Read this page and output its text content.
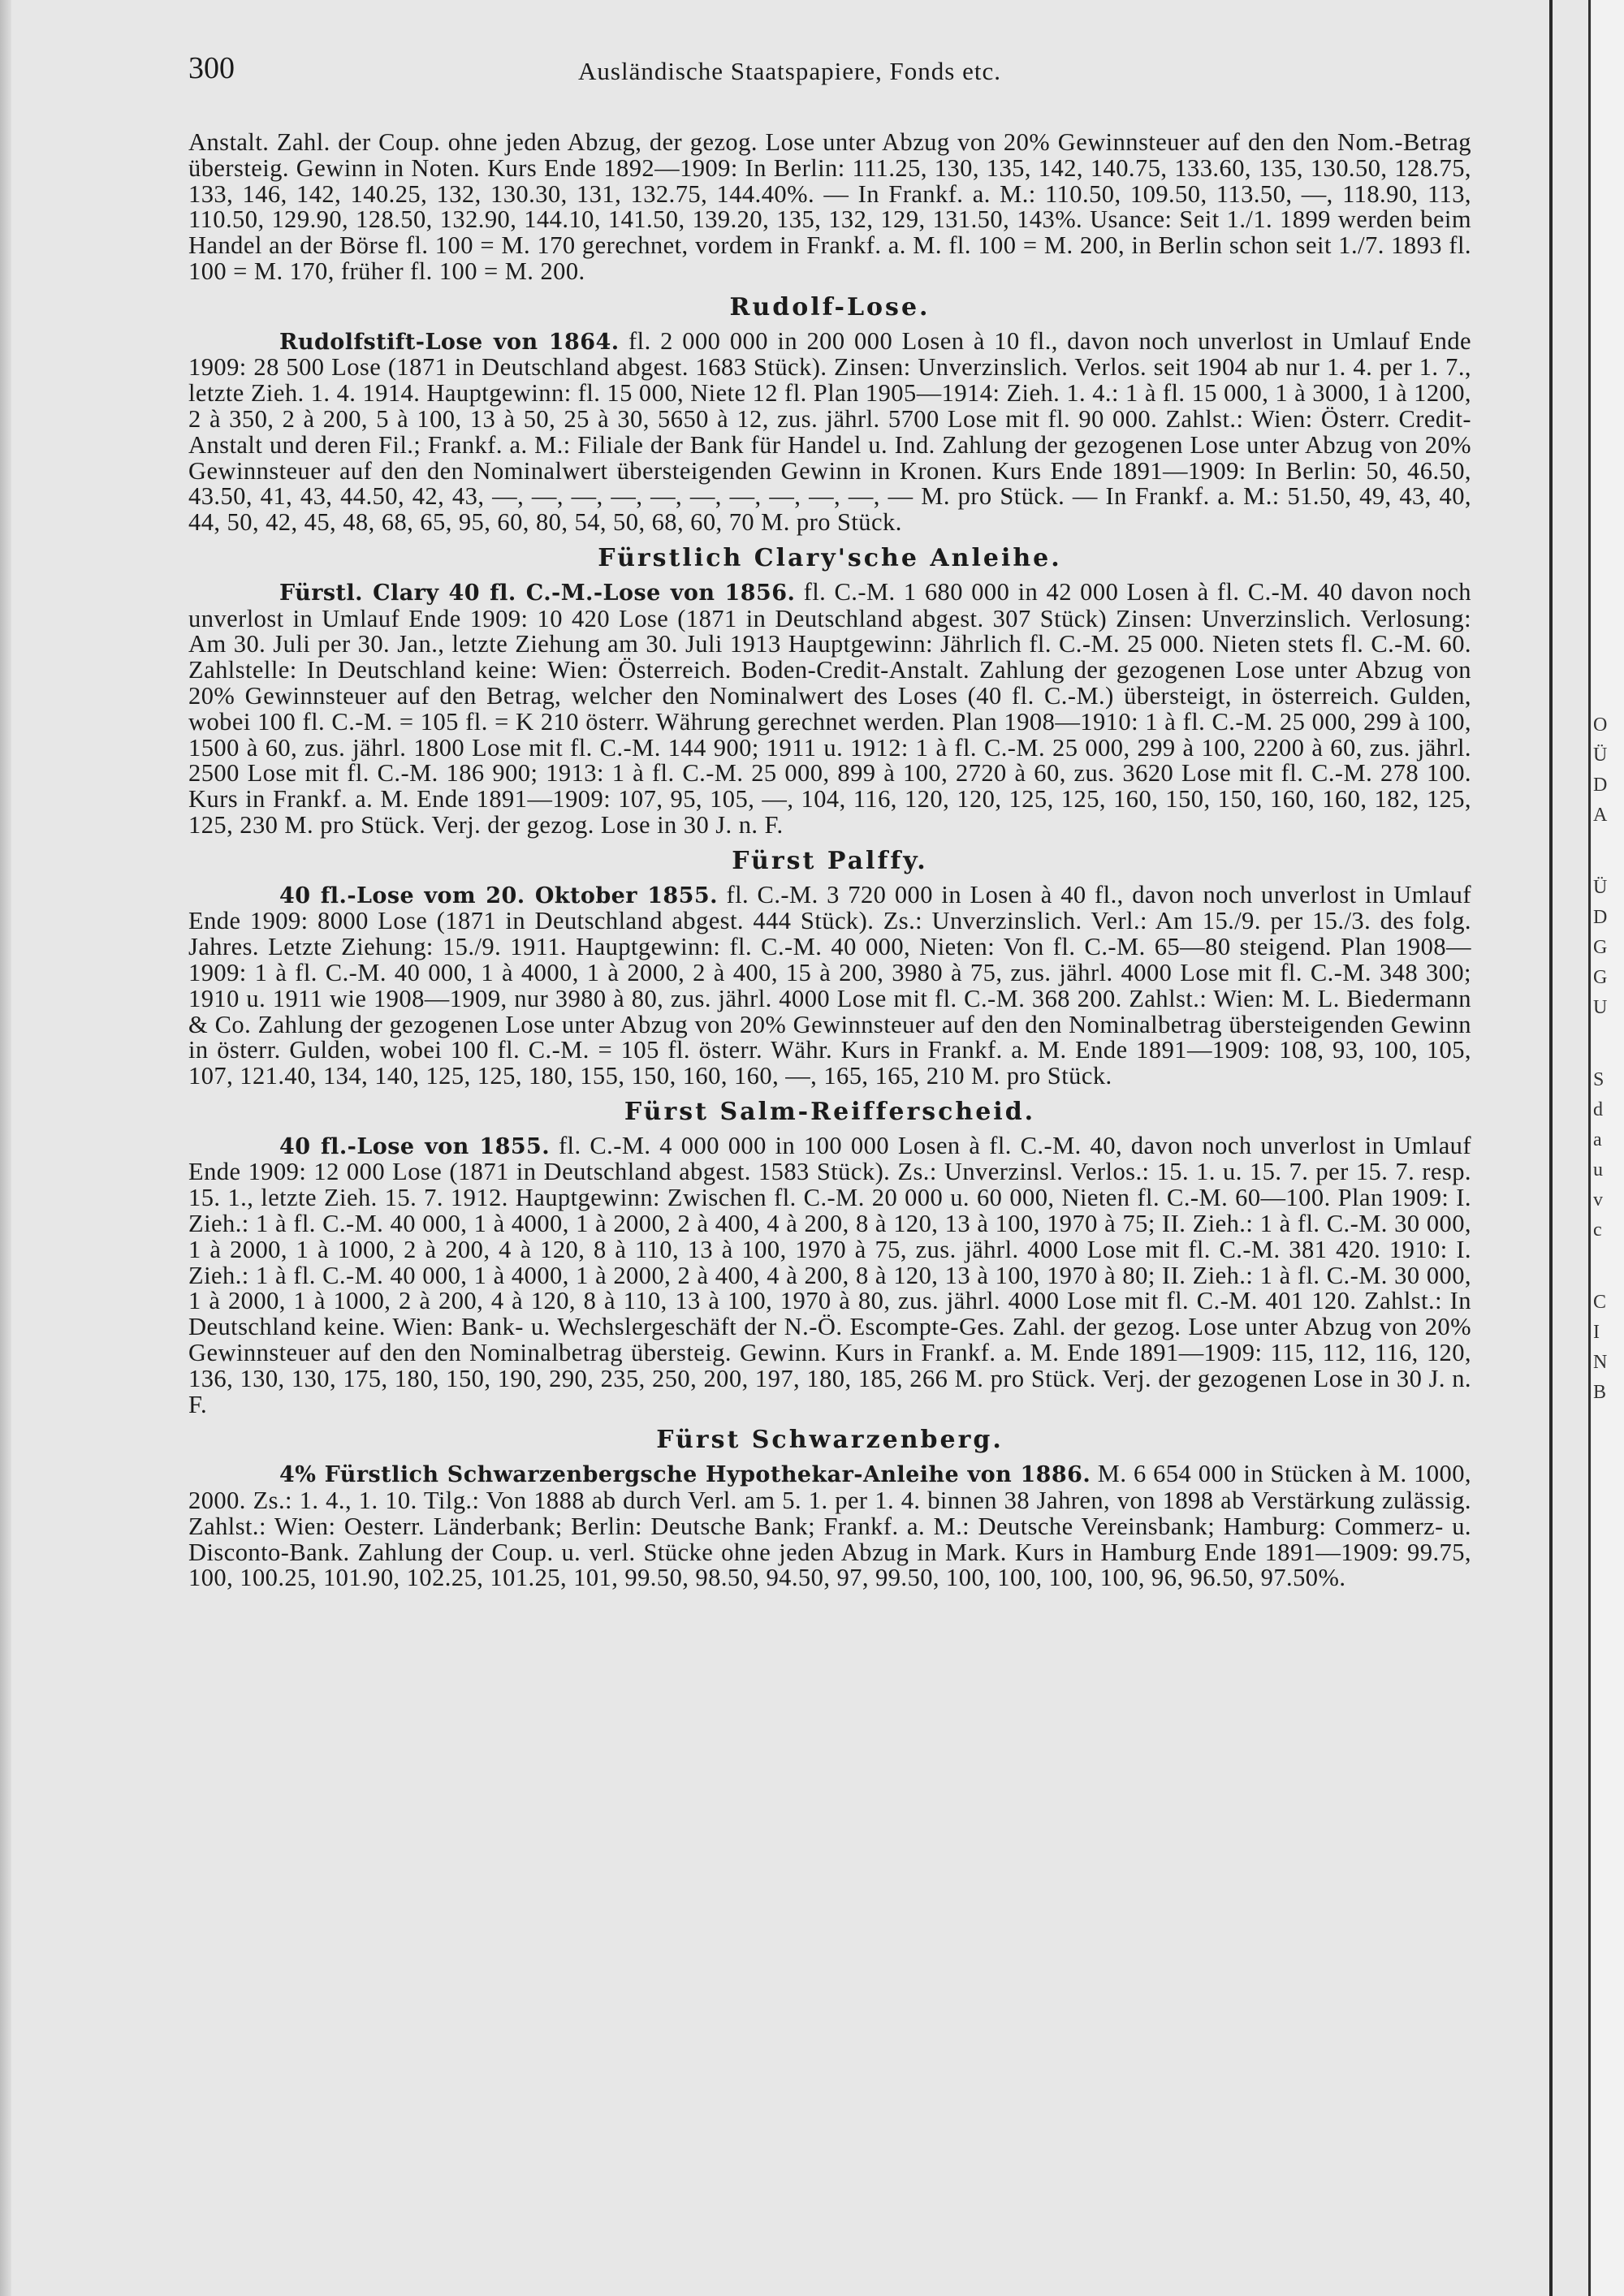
300	Ausländische Staatspapiere, Fonds etc.

Anstalt. Zahl. der Coup. ohne jeden Abzug, der gezog. Lose unter Abzug von 20% Gewinnsteuer auf den den Nom.-Betrag übersteig. Gewinn in Noten. Kurs Ende 1892—1909: In Berlin: 111.25, 130, 135, 142, 140.75, 133.60, 135, 130.50, 128.75, 133, 146, 142, 140.25, 132, 130.30, 131, 132.75, 144.40%. — In Frankf. a. M.: 110.50, 109.50, 113.50, —, 118.90, 113, 110.50, 129.90, 128.50, 132.90, 144.10, 141.50, 139.20, 135, 132, 129, 131.50, 143%. Usance: Seit 1./1. 1899 werden beim Handel an der Börse fl. 100 = M. 170 gerechnet, vordem in Frankf. a. M. fl. 100 = M. 200, in Berlin schon seit 1./7. 1893 fl. 100 = M. 170, früher fl. 100 = M. 200.

Rudolf-Lose.

Rudolfstift-Lose von 1864. fl. 2 000 000 in 200 000 Losen à 10 fl., davon noch unverlost in Umlauf Ende 1909: 28 500 Lose (1871 in Deutschland abgest. 1683 Stück). Zinsen: Unverzinslich. Verlos. seit 1904 ab nur 1. 4. per 1. 7., letzte Zieh. 1. 4. 1914. Hauptgewinn: fl. 15 000, Niete 12 fl. Plan 1905—1914: Zieh. 1. 4.: 1 à fl. 15 000, 1 à 3000, 1 à 1200, 2 à 350, 2 à 200, 5 à 100, 13 à 50, 25 à 30, 5650 à 12, zus. jährl. 5700 Lose mit fl. 90 000. Zahlst.: Wien: Österr. Credit-Anstalt und deren Fil.; Frankf. a. M.: Filiale der Bank für Handel u. Ind. Zahlung der gezogenen Lose unter Abzug von 20% Gewinnsteuer auf den den Nominalwert übersteigenden Gewinn in Kronen. Kurs Ende 1891—1909: In Berlin: 50, 46.50, 43.50, 41, 43, 44.50, 42, 43, —, —, —, —, —, —, —, —, —, —, — M. pro Stück. — In Frankf. a. M.: 51.50, 49, 43, 40, 44, 50, 42, 45, 48, 68, 65, 95, 60, 80, 54, 50, 68, 60, 70 M. pro Stück.

Fürstlich Clary'sche Anleihe.

Fürstl. Clary 40 fl. C.-M.-Lose von 1856. fl. C.-M. 1 680 000 in 42 000 Losen à fl. C.-M. 40 davon noch unverlost in Umlauf Ende 1909: 10 420 Lose (1871 in Deutschland abgest. 307 Stück) Zinsen: Unverzinslich. Verlosung: Am 30. Juli per 30. Jan., letzte Ziehung am 30. Juli 1913 Hauptgewinn: Jährlich fl. C.-M. 25 000. Nieten stets fl. C.-M. 60. Zahlstelle: In Deutschland keine: Wien: Österreich. Boden-Credit-Anstalt. Zahlung der gezogenen Lose unter Abzug von 20% Gewinnsteuer auf den Betrag, welcher den Nominalwert des Loses (40 fl. C.-M.) übersteigt, in österreich. Gulden, wobei 100 fl. C.-M. = 105 fl. = K 210 österr. Währung gerechnet werden. Plan 1908—1910: 1 à fl. C.-M. 25 000, 299 à 100, 1500 à 60, zus. jährl. 1800 Lose mit fl. C.-M. 144 900; 1911 u. 1912: 1 à fl. C.-M. 25 000, 299 à 100, 2200 à 60, zus. jährl. 2500 Lose mit fl. C.-M. 186 900; 1913: 1 à fl. C.-M. 25 000, 899 à 100, 2720 à 60, zus. 3620 Lose mit fl. C.-M. 278 100. Kurs in Frankf. a. M. Ende 1891—1909: 107, 95, 105, —, 104, 116, 120, 120, 125, 125, 160, 150, 150, 160, 160, 182, 125, 125, 230 M. pro Stück. Verj. der gezog. Lose in 30 J. n. F.

Fürst Palffy.

40 fl.-Lose vom 20. Oktober 1855. fl. C.-M. 3 720 000 in Losen à 40 fl., davon noch unverlost in Umlauf Ende 1909: 8000 Lose (1871 in Deutschland abgest. 444 Stück). Zs.: Unverzinslich. Verl.: Am 15./9. per 15./3. des folg. Jahres. Letzte Ziehung: 15./9. 1911. Hauptgewinn: fl. C.-M. 40 000, Nieten: Von fl. C.-M. 65—80 steigend. Plan 1908—1909: 1 à fl. C.-M. 40 000, 1 à 4000, 1 à 2000, 2 à 400, 15 à 200, 3980 à 75, zus. jährl. 4000 Lose mit fl. C.-M. 348 300; 1910 u. 1911 wie 1908—1909, nur 3980 à 80, zus. jährl. 4000 Lose mit fl. C.-M. 368 200. Zahlst.: Wien: M. L. Biedermann & Co. Zahlung der gezogenen Lose unter Abzug von 20% Gewinnsteuer auf den den Nominalbetrag übersteigenden Gewinn in österr. Gulden, wobei 100 fl. C.-M. = 105 fl. österr. Währ. Kurs in Frankf. a. M. Ende 1891—1909: 108, 93, 100, 105, 107, 121.40, 134, 140, 125, 125, 180, 155, 150, 160, 160, —, 165, 165, 210 M. pro Stück.

Fürst Salm-Reifferscheid.

40 fl.-Lose von 1855. fl. C.-M. 4 000 000 in 100 000 Losen à fl. C.-M. 40, davon noch unverlost in Umlauf Ende 1909: 12 000 Lose (1871 in Deutschland abgest. 1583 Stück). Zs.: Unverzinsl. Verlos.: 15. 1. u. 15. 7. per 15. 7. resp. 15. 1., letzte Zieh. 15. 7. 1912. Hauptgewinn: Zwischen fl. C.-M. 20 000 u. 60 000, Nieten fl. C.-M. 60—100. Plan 1909: I. Zieh.: 1 à fl. C.-M. 40 000, 1 à 4000, 1 à 2000, 2 à 400, 4 à 200, 8 à 120, 13 à 100, 1970 à 75; II. Zieh.: 1 à fl. C.-M. 30 000, 1 à 2000, 1 à 1000, 2 à 200, 4 à 120, 8 à 110, 13 à 100, 1970 à 75, zus. jährl. 4000 Lose mit fl. C.-M. 381 420. 1910: I. Zieh.: 1 à fl. C.-M. 40 000, 1 à 4000, 1 à 2000, 2 à 400, 4 à 200, 8 à 120, 13 à 100, 1970 à 80; II. Zieh.: 1 à fl. C.-M. 30 000, 1 à 2000, 1 à 1000, 2 à 200, 4 à 120, 8 à 110, 13 à 100, 1970 à 80, zus. jährl. 4000 Lose mit fl. C.-M. 401 120. Zahlst.: In Deutschland keine. Wien: Bank- u. Wechslergeschäft der N.-Ö. Escompte-Ges. Zahl. der gezog. Lose unter Abzug von 20% Gewinnsteuer auf den den Nominalbetrag übersteig. Gewinn. Kurs in Frankf. a. M. Ende 1891—1909: 115, 112, 116, 120, 136, 130, 130, 175, 180, 150, 190, 290, 235, 250, 200, 197, 180, 185, 266 M. pro Stück. Verj. der gezogenen Lose in 30 J. n. F.

Fürst Schwarzenberg.

4% Fürstlich Schwarzenbergsche Hypothekar-Anleihe von 1886. M. 6 654 000 in Stücken à M. 1000, 2000. Zs.: 1. 4., 1. 10. Tilg.: Von 1888 ab durch Verl. am 5. 1. per 1. 4. binnen 38 Jahren, von 1898 ab Verstärkung zulässig. Zahlst.: Wien: Oesterr. Länderbank; Berlin: Deutsche Bank; Frankf. a. M.: Deutsche Vereinsbank; Hamburg: Commerz- u. Disconto-Bank. Zahlung der Coup. u. verl. Stücke ohne jeden Abzug in Mark. Kurs in Hamburg Ende 1891—1909: 99.75, 100, 100.25, 101.90, 102.25, 101.25, 101, 99.50, 98.50, 94.50, 97, 99.50, 100, 100, 100, 100, 96, 96.50, 97.50%.

O
Ü
D
A
Ü
D
G
G
U
S
d
a
u
v
c
C
I
N
B
